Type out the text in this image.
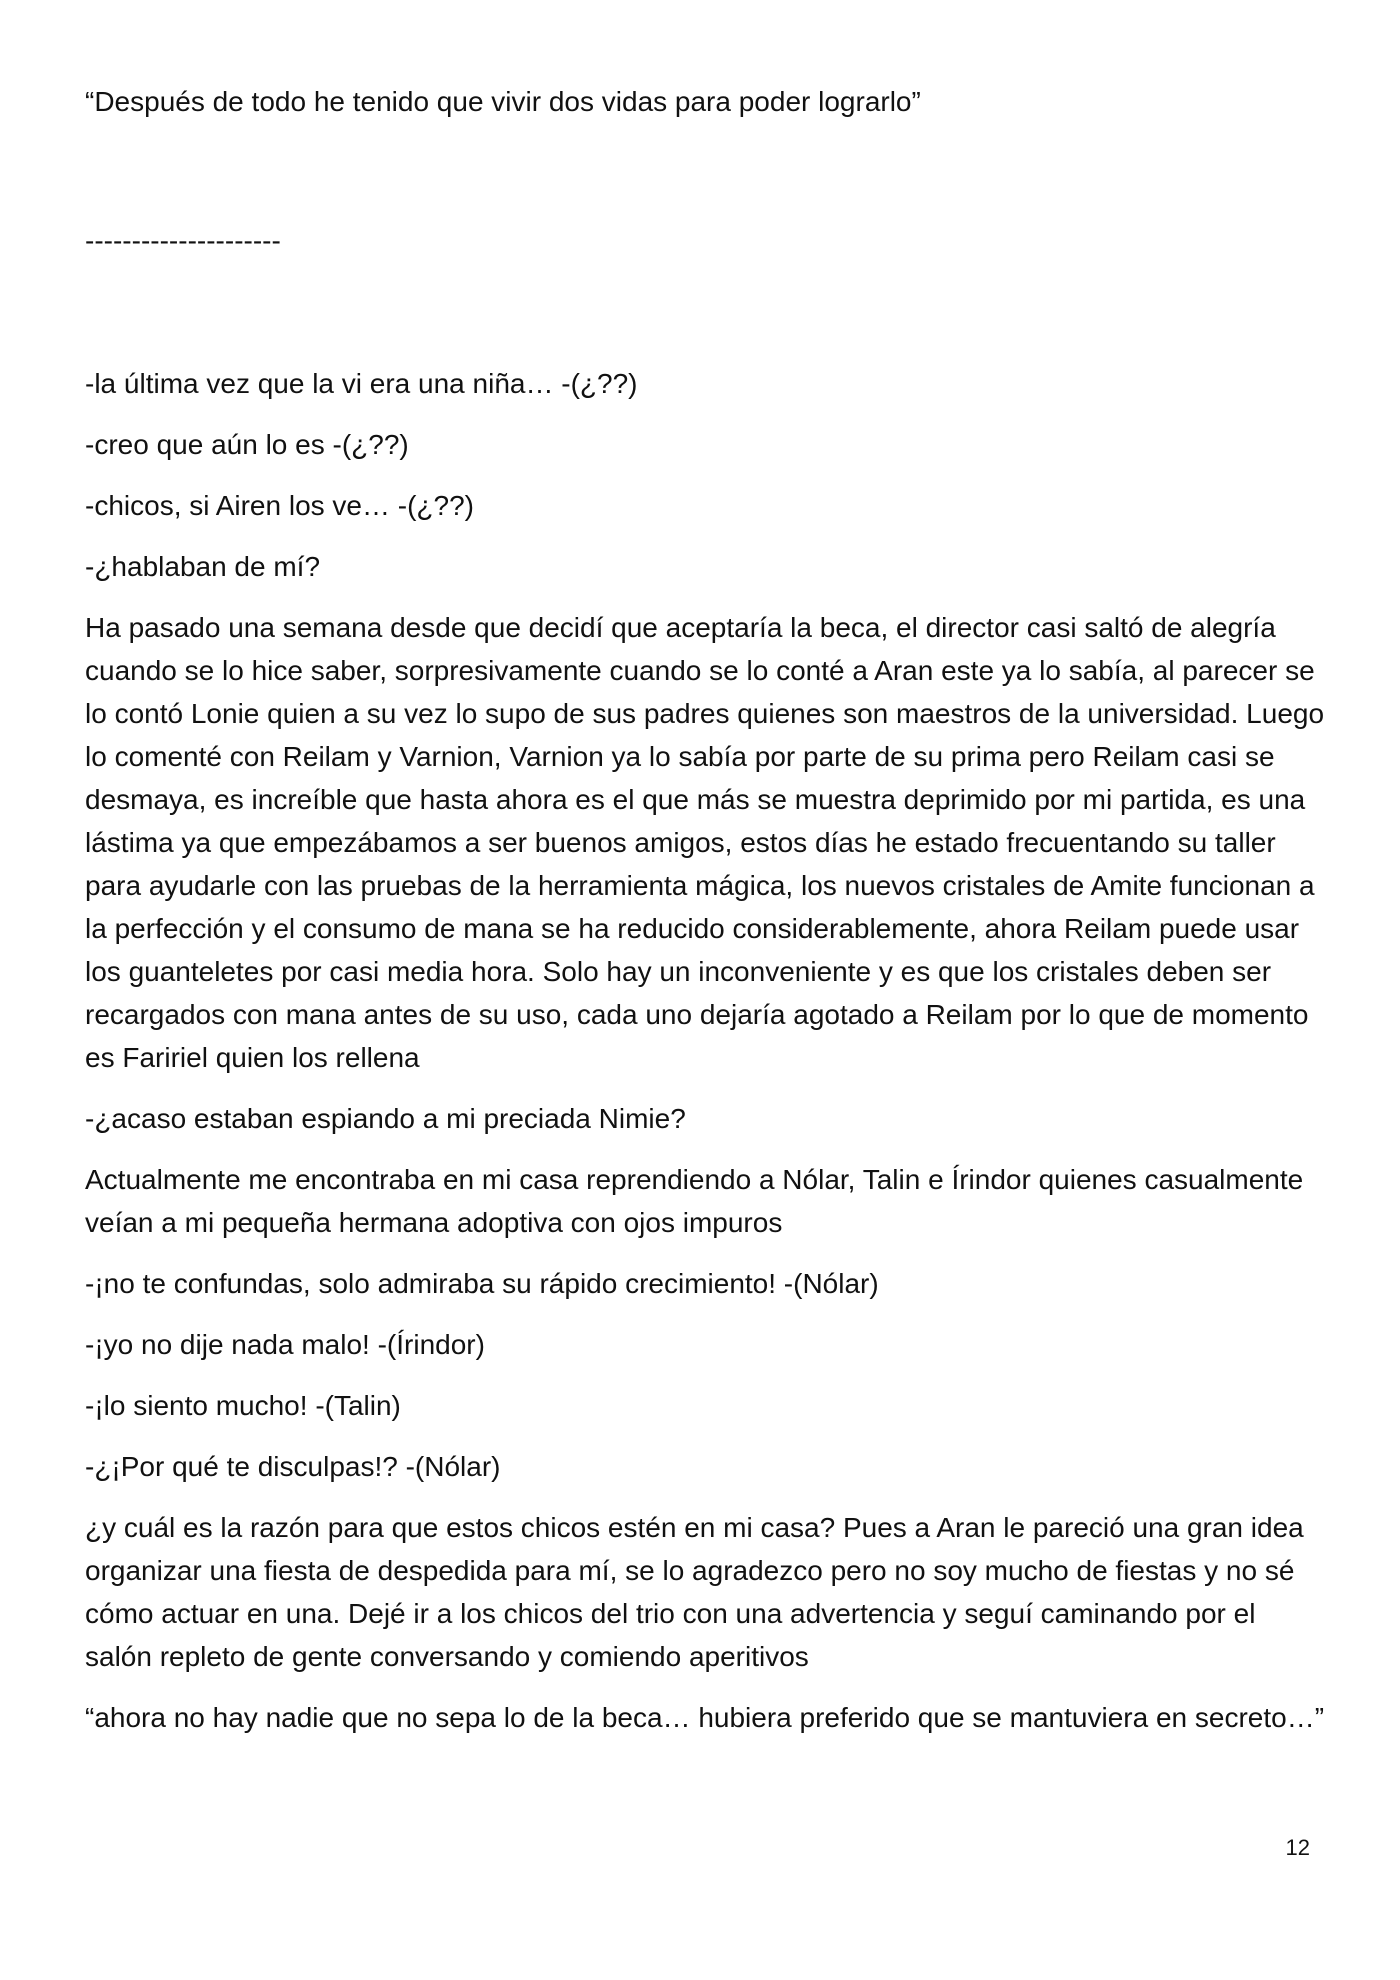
“Después de todo he tenido que vivir dos vidas para poder lograrlo”

---------------------

-la última vez que la vi era una niña… -(¿??)

-creo que aún lo es -(¿??)

-chicos, si Airen los ve… -(¿??)

-¿hablaban de mí?

Ha pasado una semana desde que decidí que aceptaría la beca, el director casi saltó de alegría cuando se lo hice saber, sorpresivamente cuando se lo conté a Aran este ya lo sabía, al parecer se lo contó Lonie quien a su vez lo supo de sus padres quienes son maestros de la universidad. Luego lo comenté con Reilam y Varnion, Varnion ya lo sabía por parte de su prima pero Reilam casi se desmaya, es increíble que hasta ahora es el que más se muestra deprimido por mi partida, es una lástima ya que empezábamos a ser buenos amigos, estos días he estado frecuentando su taller para ayudarle con las pruebas de la herramienta mágica, los nuevos cristales de Amite funcionan a la perfección y el consumo de mana se ha reducido considerablemente, ahora Reilam puede usar los guanteletes por casi media hora. Solo hay un inconveniente y es que los cristales deben ser recargados con mana antes de su uso, cada uno dejaría agotado a Reilam por lo que de momento es Faririel quien los rellena

-¿acaso estaban espiando a mi preciada Nimie?

Actualmente me encontraba en mi casa reprendiendo a Nólar, Talin e Írindor quienes casualmente veían a mi pequeña hermana adoptiva con ojos impuros

-¡no te confundas, solo admiraba su rápido crecimiento! -(Nólar)

-¡yo no dije nada malo! -(Írindor)

-¡lo siento mucho! -(Talin)

-¿¡Por qué te disculpas!? -(Nólar)

¿y cuál es la razón para que estos chicos estén en mi casa? Pues a Aran le pareció una gran idea organizar una fiesta de despedida para mí, se lo agradezco pero no soy mucho de fiestas y no sé cómo actuar en una. Dejé ir a los chicos del trio con una advertencia y seguí caminando por el salón repleto de gente conversando y comiendo aperitivos

“ahora no hay nadie que no sepa lo de la beca… hubiera preferido que se mantuviera en secreto…”

12
